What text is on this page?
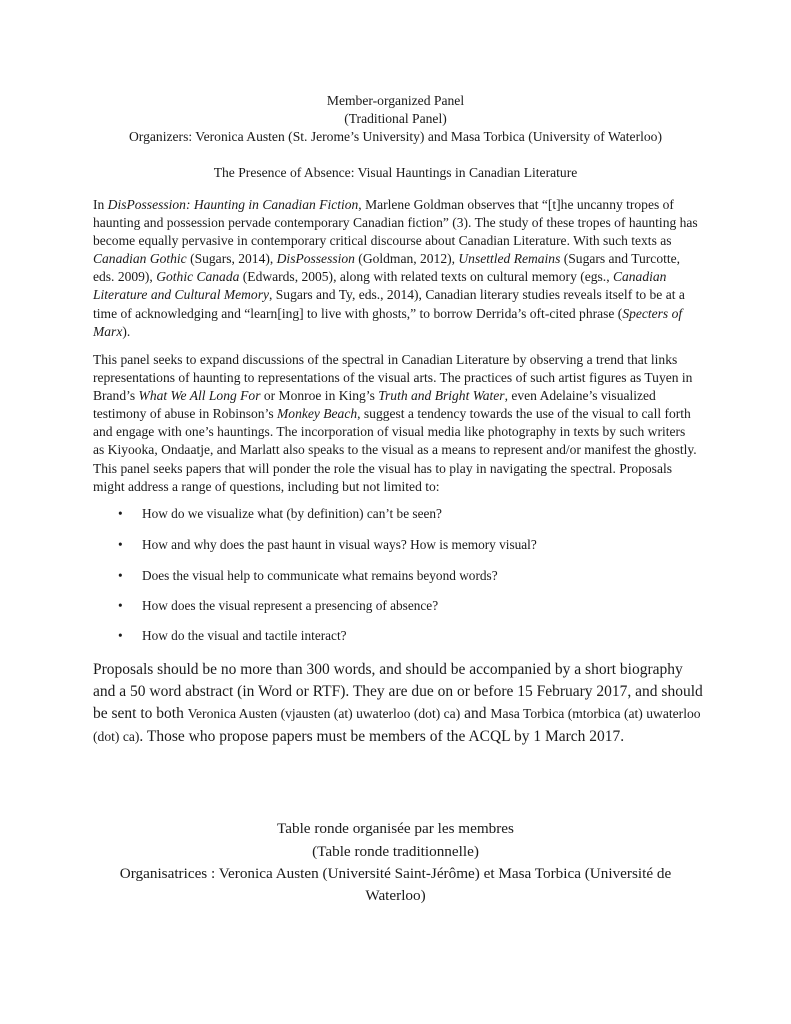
Member-organized Panel
(Traditional Panel)
Organizers: Veronica Austen (St. Jerome’s University) and Masa Torbica (University of Waterloo)
The Presence of Absence: Visual Hauntings in Canadian Literature
In DisPossession: Haunting in Canadian Fiction, Marlene Goldman observes that “[t]he uncanny tropes of haunting and possession pervade contemporary Canadian fiction” (3). The study of these tropes of haunting has become equally pervasive in contemporary critical discourse about Canadian Literature. With such texts as Canadian Gothic (Sugars, 2014), DisPossession (Goldman, 2012), Unsettled Remains (Sugars and Turcotte, eds. 2009), Gothic Canada (Edwards, 2005), along with related texts on cultural memory (egs., Canadian Literature and Cultural Memory, Sugars and Ty, eds., 2014), Canadian literary studies reveals itself to be at a time of acknowledging and “learn[ing] to live with ghosts,” to borrow Derrida’s oft-cited phrase (Specters of Marx).
This panel seeks to expand discussions of the spectral in Canadian Literature by observing a trend that links representations of haunting to representations of the visual arts. The practices of such artist figures as Tuyen in Brand’s What We All Long For or Monroe in King’s Truth and Bright Water, even Adelaine’s visualized testimony of abuse in Robinson’s Monkey Beach, suggest a tendency towards the use of the visual to call forth and engage with one’s hauntings. The incorporation of visual media like photography in texts by such writers as Kiyooka, Ondaatje, and Marlatt also speaks to the visual as a means to represent and/or manifest the ghostly. This panel seeks papers that will ponder the role the visual has to play in navigating the spectral. Proposals might address a range of questions, including but not limited to:
• How do we visualize what (by definition) can’t be seen?
• How and why does the past haunt in visual ways? How is memory visual?
• Does the visual help to communicate what remains beyond words?
• How does the visual represent a presencing of absence?
• How do the visual and tactile interact?
Proposals should be no more than 300 words, and should be accompanied by a short biography and a 50 word abstract (in Word or RTF). They are due on or before 15 February 2017, and should be sent to both Veronica Austen (vjausten (at) uwaterloo (dot) ca) and Masa Torbica (mtorbica (at) uwaterloo (dot) ca). Those who propose papers must be members of the ACQL by 1 March 2017.
Table ronde organisée par les membres
(Table ronde traditionnelle)
Organisatrices : Veronica Austen (Université Saint-Jérôme) et Masa Torbica (Université de
Waterloo)
